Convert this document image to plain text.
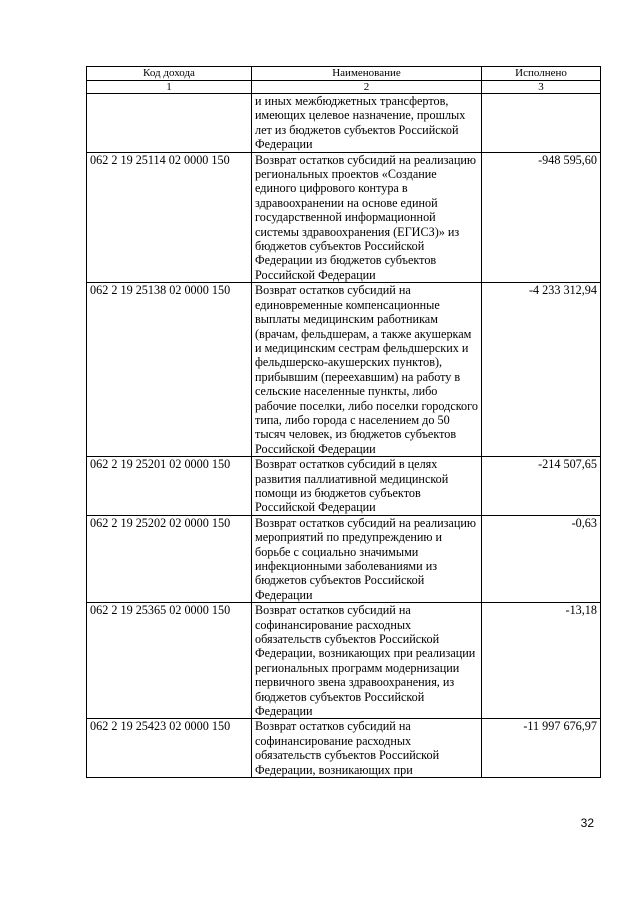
Код дохода	Наименование	Исполнено
1	2	3
	и иных межбюджетных трансфертов, имеющих целевое назначение, прошлых лет из бюджетов субъектов Российской Федерации	
062 2 19 25114 02 0000 150	Возврат остатков субсидий на реализацию региональных проектов «Создание единого цифрового контура в здравоохранении на основе единой государственной информационной системы здравоохранения (ЕГИСЗ)» из бюджетов субъектов Российской Федерации из бюджетов субъектов Российской Федерации	-948 595,60
062 2 19 25138 02 0000 150	Возврат остатков субсидий на единовременные компенсационные выплаты медицинским работникам (врачам, фельдшерам, а также акушеркам и медицинским сестрам фельдшерских и фельдшерско-акушерских пунктов), прибывшим (переехавшим) на работу в сельские населенные пункты, либо рабочие поселки, либо поселки городского типа, либо города с населением до 50 тысяч человек, из бюджетов субъектов Российской Федерации	-4 233 312,94
062 2 19 25201 02 0000 150	Возврат остатков субсидий в целях развития паллиативной медицинской помощи из бюджетов субъектов Российской Федерации	-214 507,65
062 2 19 25202 02 0000 150	Возврат остатков субсидий на реализацию мероприятий по предупреждению и борьбе с социально значимыми инфекционными заболеваниями из бюджетов субъектов Российской Федерации	-0,63
062 2 19 25365 02 0000 150	Возврат остатков субсидий на софинансирование расходных обязательств субъектов Российской Федерации, возникающих при реализации региональных программ модернизации первичного звена здравоохранения, из бюджетов субъектов Российской Федерации	-13,18
062 2 19 25423 02 0000 150	Возврат остатков субсидий на софинансирование расходных обязательств субъектов Российской Федерации, возникающих при	-11 997 676,97
32
